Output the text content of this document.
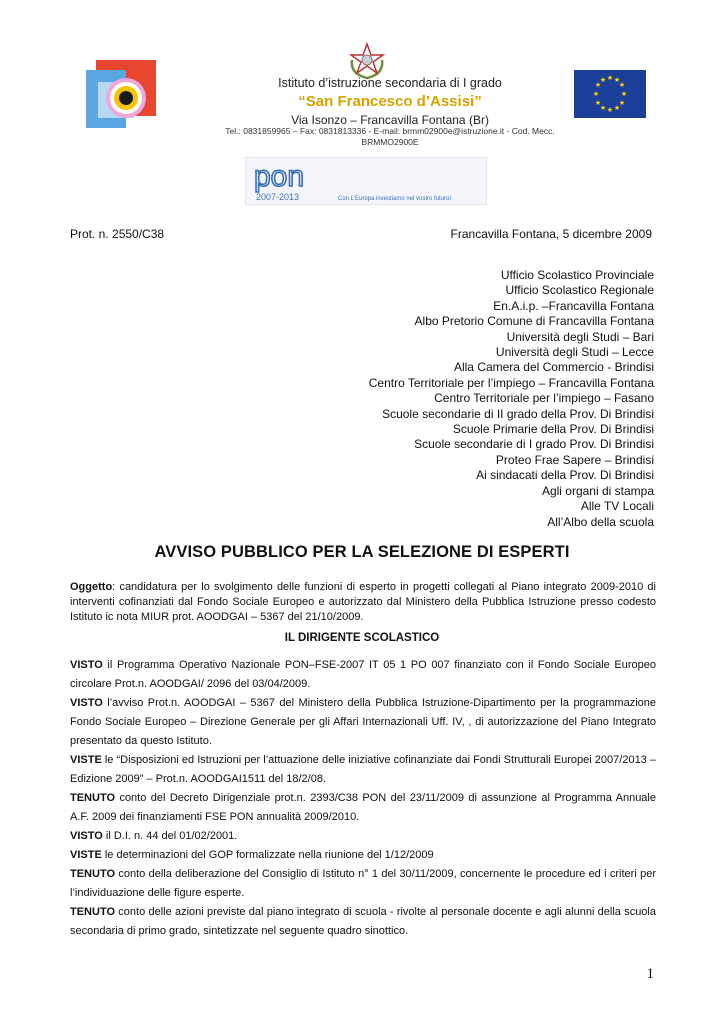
Istituto d’istruzione secondaria di I grado
“San Francesco d’Assisi”
Via Isonzo – Francavilla Fontana (Br)
Tel.: 0831859965 – Fax: 0831813336 - E-mail: brmm02900e@istruzione.it - Cod. Mecc.
BRMMO2900E
★ ★
★
★
★
★
★
★
★
★
★
★
pon
2007-2013	Con L’Europa investiamo nel vostro futuro!
Prot. n. 2550/C38	Francavilla Fontana, 5 dicembre 2009
Ufficio Scolastico Provinciale
Ufficio Scolastico Regionale
En.A.i.p. –Francavilla Fontana
Albo Pretorio Comune di Francavilla Fontana
Università degli Studi – Bari
Università degli Studi – Lecce
Alla Camera del Commercio - Brindisi
Centro Territoriale per l’impiego – Francavilla Fontana
Centro Territoriale per l’impiego – Fasano
Scuole secondarie di II grado della Prov. Di Brindisi
Scuole Primarie della Prov. Di Brindisi
Scuole secondarie di I grado Prov. Di Brindisi
Proteo Frae Sapere – Brindisi
Ai sindacati della Prov. Di Brindisi
Agli organi di stampa
Alle TV Locali
All’Albo della scuola
AVVISO PUBBLICO PER LA SELEZIONE DI ESPERTI
Oggetto: candidatura per lo svolgimento delle funzioni di esperto in progetti collegati al Piano integrato 2009-2010 di interventi cofinanziati dal Fondo Sociale Europeo e autorizzato dal Ministero della Pubblica Istruzione presso codesto Istituto ic nota MIUR prot. AOODGAI – 5367 del 21/10/2009.
IL DIRIGENTE SCOLASTICO

VISTO il Programma Operativo Nazionale PON–FSE-2007 IT 05 1 PO 007 finanziato con il Fondo Sociale Europeo circolare Prot.n. AOODGAI/ 2096 del 03/04/2009.

VISTO l’avviso Prot.n. AOODGAI – 5367 del Ministero della Pubblica Istruzione-Dipartimento per la programmazione Fondo Sociale Europeo – Direzione Generale per gli Affari Internazionali Uff. IV, , di autorizzazione del Piano Integrato presentato da questo Istituto.

VISTE le “Disposizioni ed Istruzioni per l’attuazione delle iniziative cofinanziate dai Fondi Strutturali Europei 2007/2013 – Edizione 2009” – Prot.n. AOODGAI1511 del 18/2/08.

TENUTO conto del Decreto Dirigenziale prot.n. 2393/C38 PON del 23/11/2009 di assunzione al Programma Annuale A.F. 2009 dei finanziamenti FSE PON annualità 2009/2010.

VISTO il D.I. n. 44 del 01/02/2001.

VISTE le determinazioni del GOP formalizzate nella riunione del 1/12/2009

TENUTO conto della deliberazione del Consiglio di Istituto n° 1 del 30/11/2009, concernente le procedure ed i criteri per l’individuazione delle figure esperte.

TENUTO conto delle azioni previste dal piano integrato di scuola - rivolte al personale docente e agli alunni della scuola secondaria di primo grado, sintetizzate nel seguente quadro sinottico.

1
